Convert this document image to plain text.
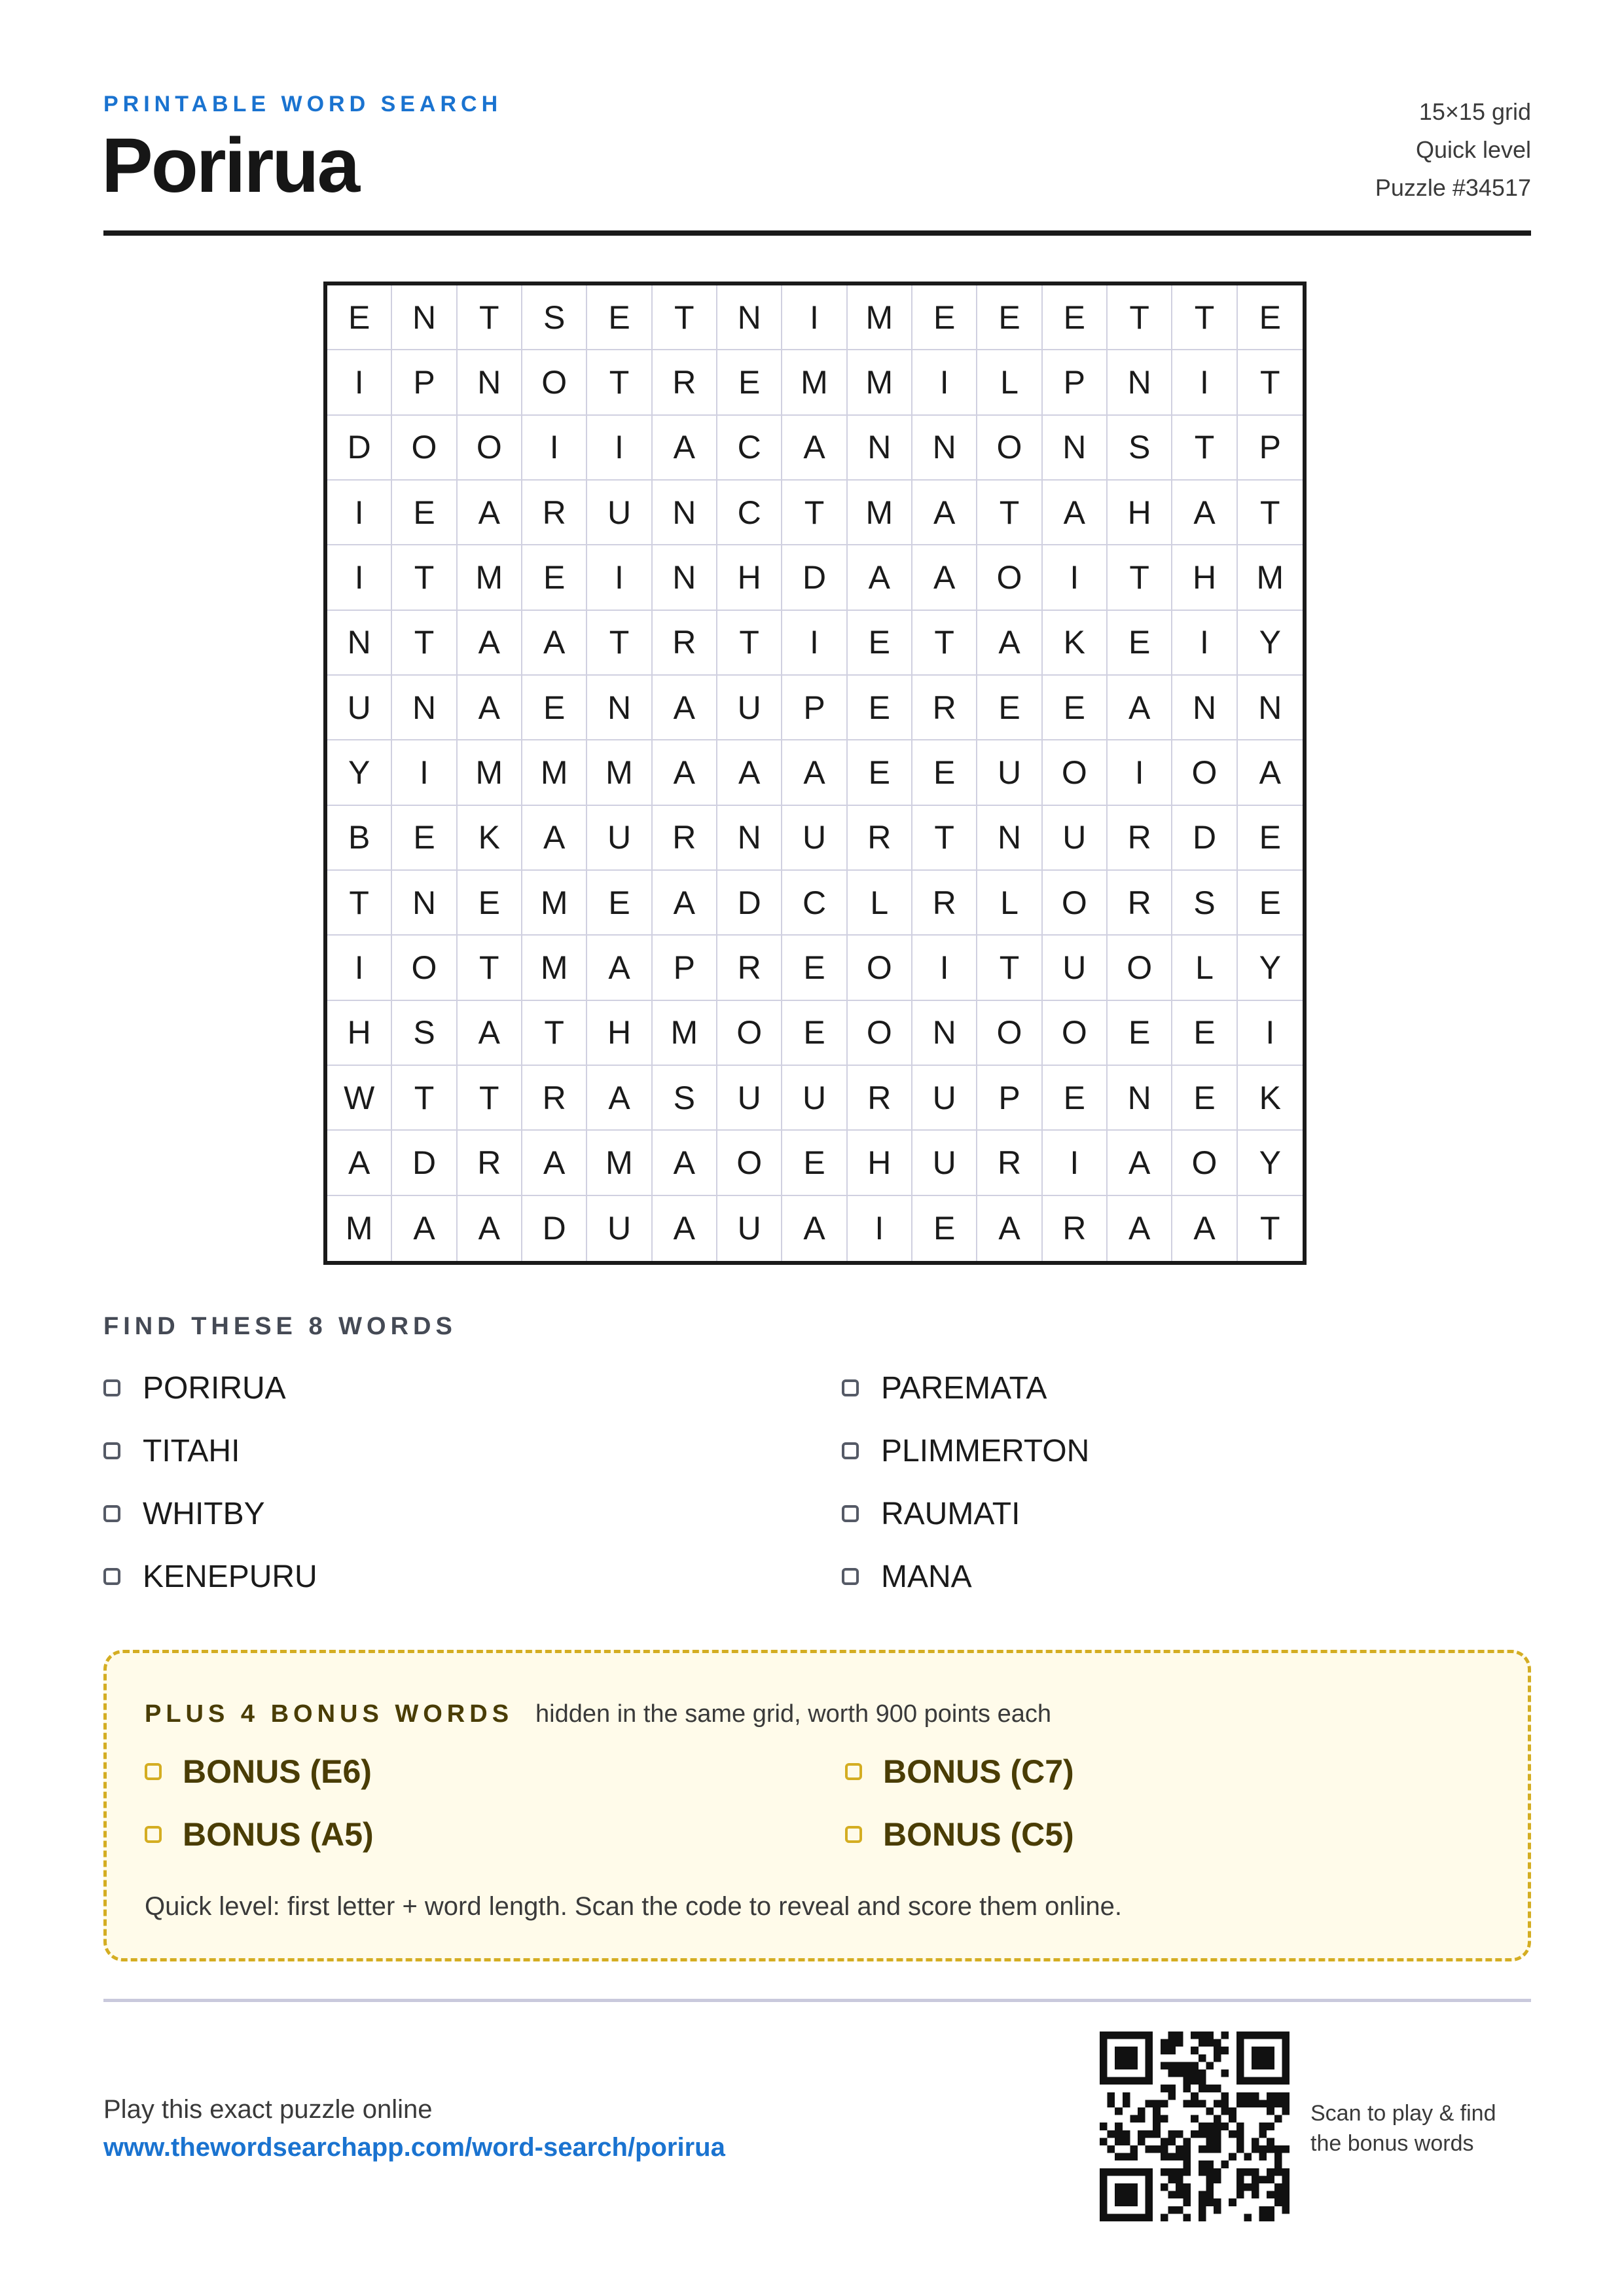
PRINTABLE WORD SEARCH
Porirua
15×15 grid
Quick level
Puzzle #34517
E	N	T	S	E	T	N	I	M	E	E	E	T	T	E
I	P	N	O	T	R	E	M	M	I	L	P	N	I	T
D	O	O	I	I	A	C	A	N	N	O	N	S	T	P
I	E	A	R	U	N	C	T	M	A	T	A	H	A	T
I	T	M	E	I	N	H	D	A	A	O	I	T	H	M
N	T	A	A	T	R	T	I	E	T	A	K	E	I	Y
U	N	A	E	N	A	U	P	E	R	E	E	A	N	N
Y	I	M	M	M	A	A	A	E	E	U	O	I	O	A
B	E	K	A	U	R	N	U	R	T	N	U	R	D	E
T	N	E	M	E	A	D	C	L	R	L	O	R	S	E
I	O	T	M	A	P	R	E	O	I	T	U	O	L	Y
H	S	A	T	H	M	O	E	O	N	O	O	E	E	I
W	T	T	R	A	S	U	U	R	U	P	E	N	E	K
A	D	R	A	M	A	O	E	H	U	R	I	A	O	Y
M	A	A	D	U	A	U	A	I	E	A	R	A	A	T
FIND THESE 8 WORDS
PORIRUA	PAREMATA
TITAHI	PLIMMERTON
WHITBY	RAUMATI
KENEPURU	MANA
PLUS 4 BONUS WORDS hidden in the same grid, worth 900 points each
BONUS (E6)	BONUS (C7)
BONUS (A5)	BONUS (C5)
Quick level: first letter + word length. Scan the code to reveal and score them online.
Play this exact puzzle online
www.thewordsearchapp.com/word-search/porirua
Scan to play & find
the bonus words
